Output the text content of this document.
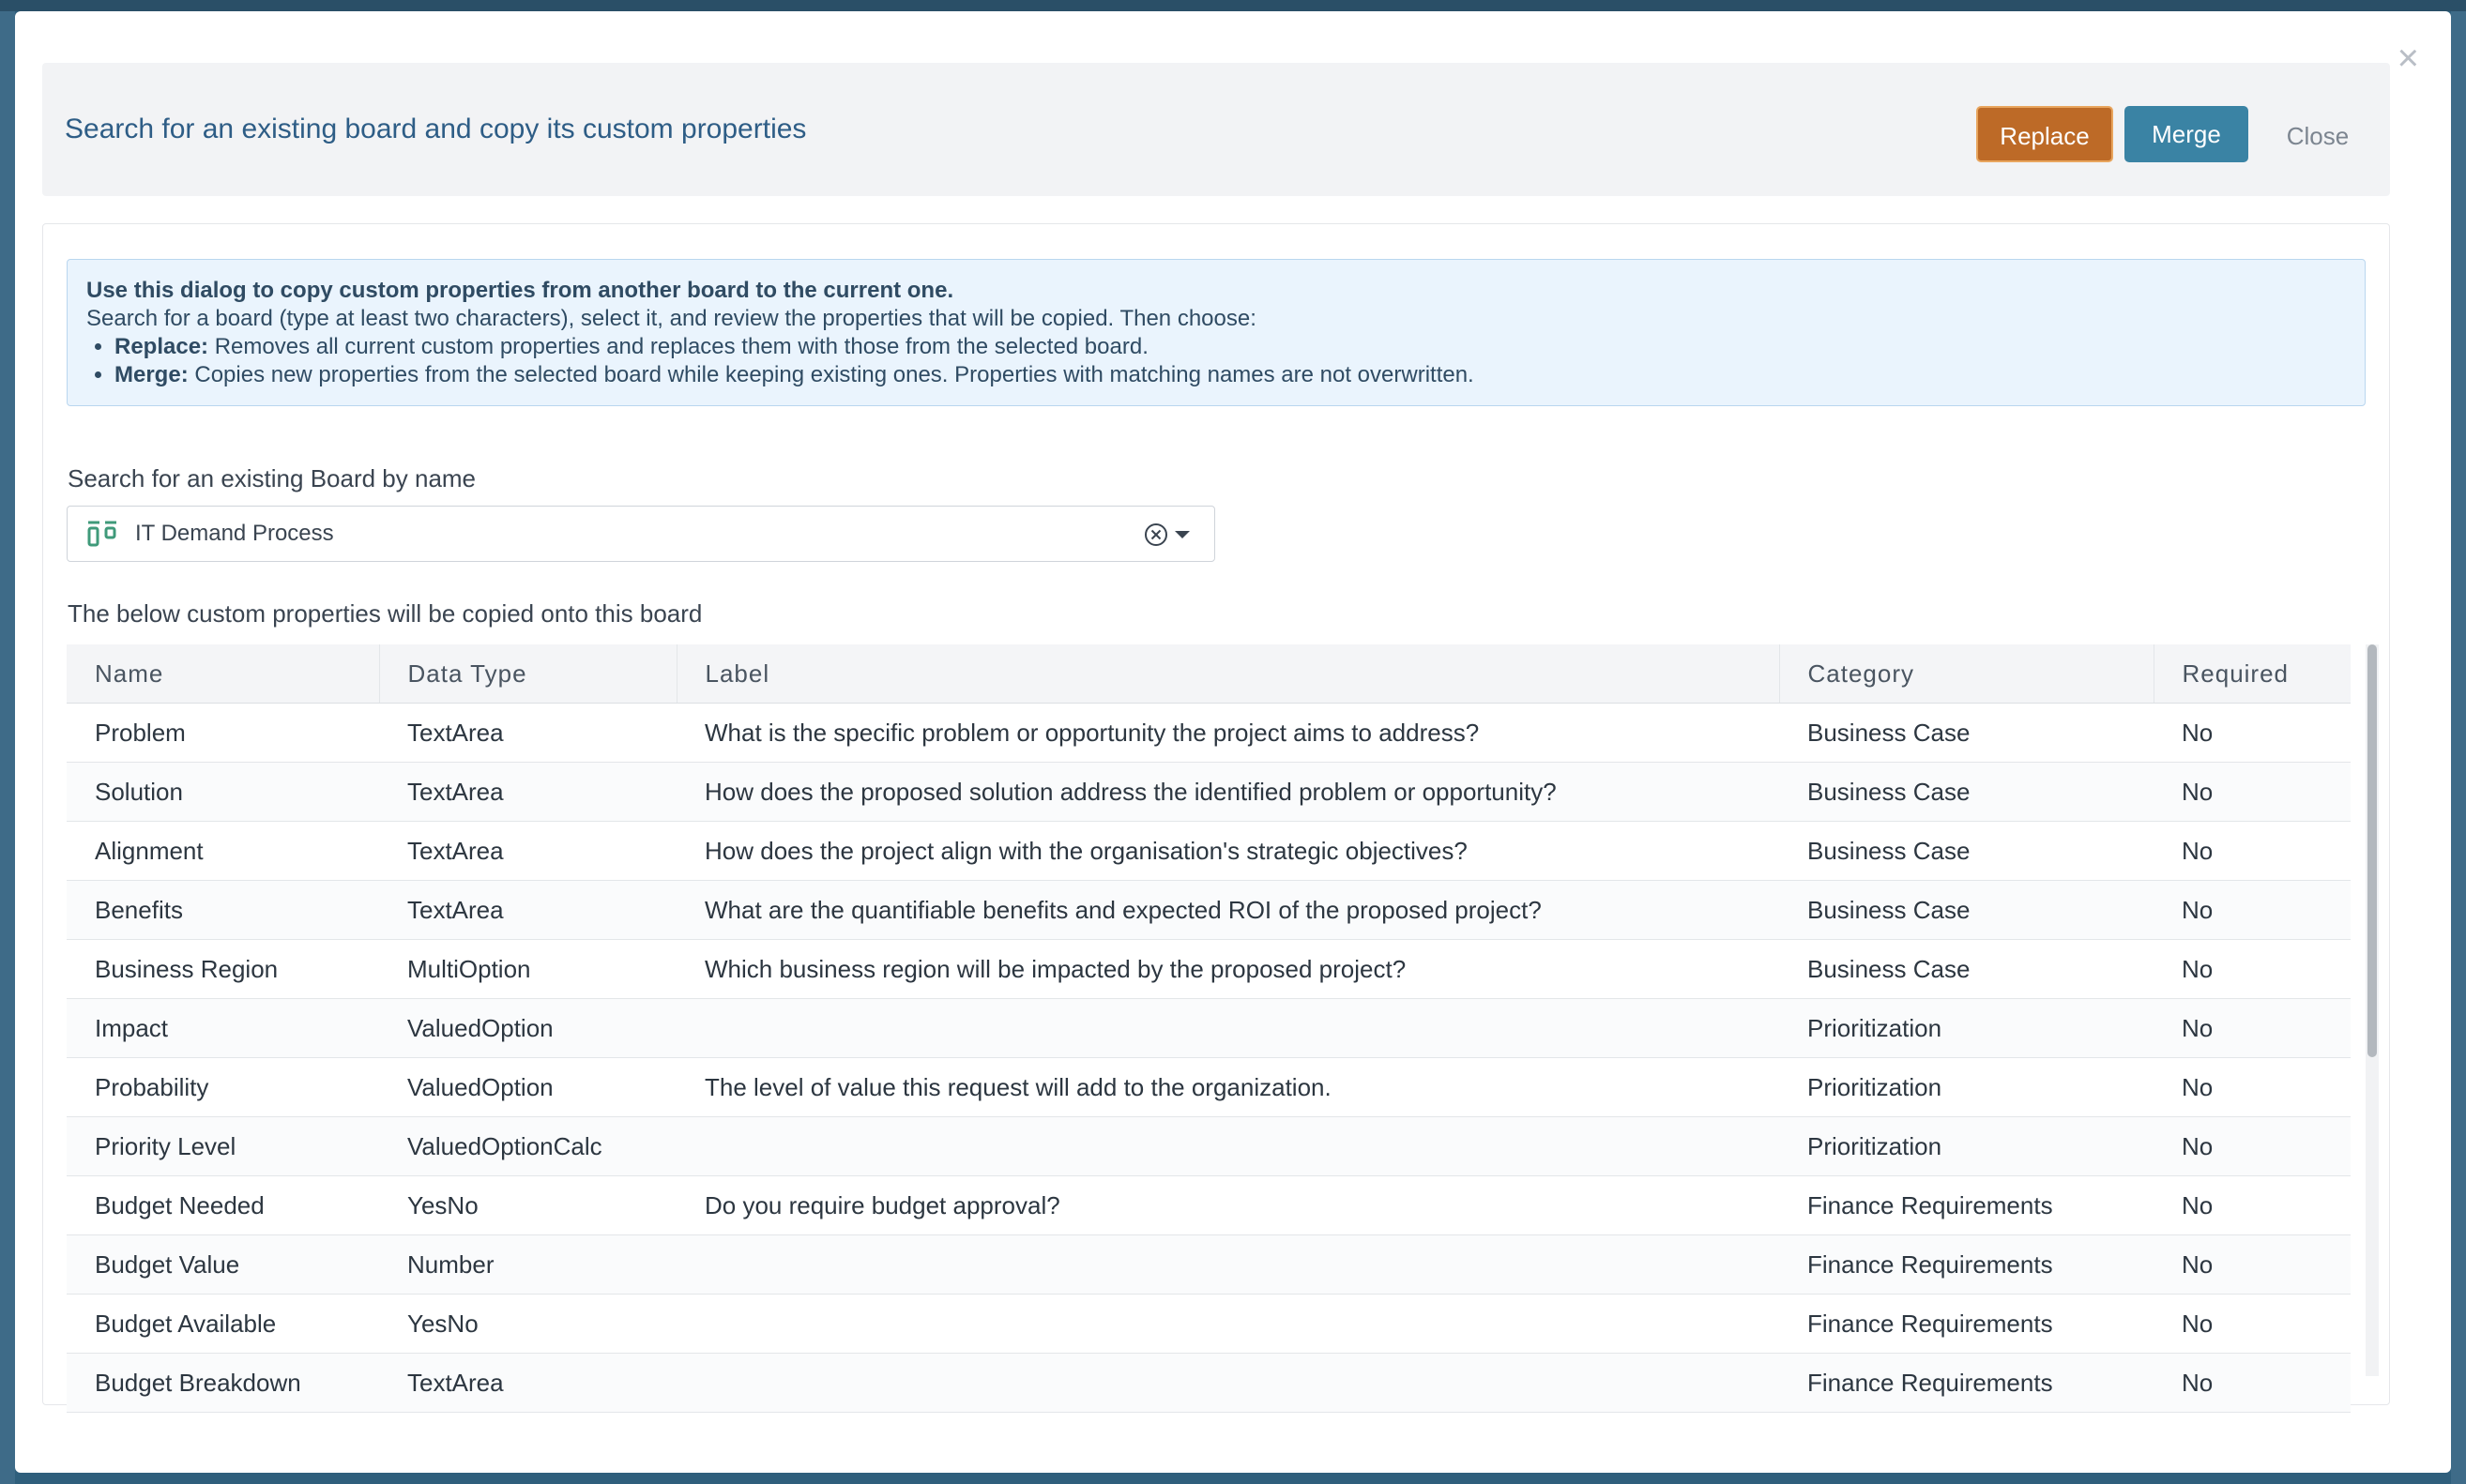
×
Search for an existing board and copy its custom properties	Replace	Merge	Close
Use this dialog to copy custom properties from another board to the current one.
Search for a board (type at least two characters), select it, and review the properties that will be copied. Then choose:
• Replace: Removes all current custom properties and replaces them with those from the selected board.
• Merge: Copies new properties from the selected board while keeping existing ones. Properties with matching names are not overwritten.
Search for an existing Board by name
IT Demand Process
The below custom properties will be copied onto this board
Name	Data Type	Label	Category	Required
Problem	TextArea	What is the specific problem or opportunity the project aims to address?	Business Case	No
Solution	TextArea	How does the proposed solution address the identified problem or opportunity?	Business Case	No
Alignment	TextArea	How does the project align with the organisation's strategic objectives?	Business Case	No
Benefits	TextArea	What are the quantifiable benefits and expected ROI of the proposed project?	Business Case	No
Business Region	MultiOption	Which business region will be impacted by the proposed project?	Business Case	No
Impact	ValuedOption		Prioritization	No
Probability	ValuedOption	The level of value this request will add to the organization.	Prioritization	No
Priority Level	ValuedOptionCalc		Prioritization	No
Budget Needed	YesNo	Do you require budget approval?	Finance Requirements	No
Budget Value	Number		Finance Requirements	No
Budget Available	YesNo		Finance Requirements	No
Budget Breakdown	TextArea		Finance Requirements	No
